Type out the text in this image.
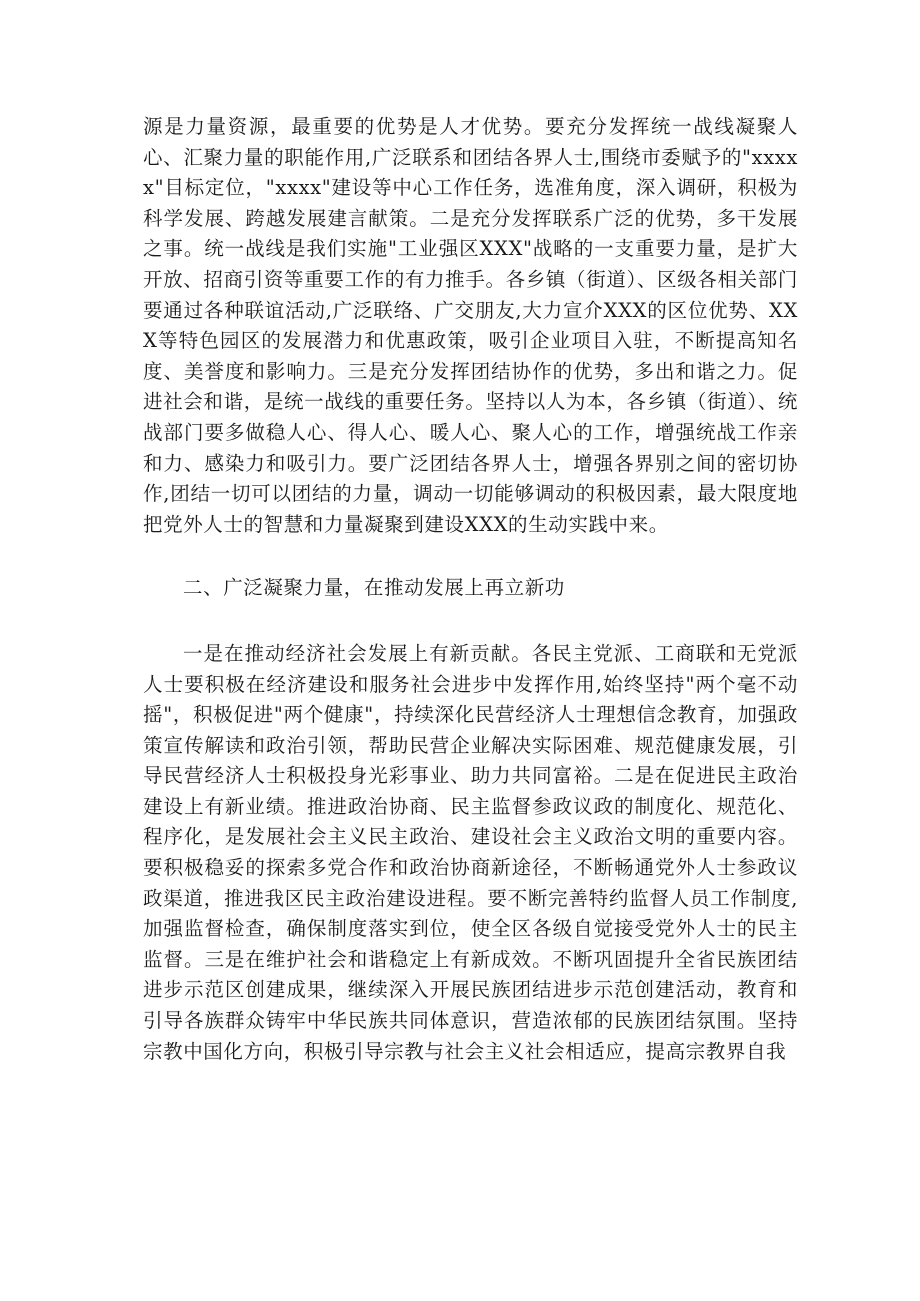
源是力量资源，最重要的优势是人才优势。要充分发挥统一战线凝聚人心、汇聚力量的职能作用,广泛联系和团结各界人士,围绕市委赋予的"xxxxx"目标定位，"xxxx"建设等中心工作任务，选准角度，深入调研，积极为科学发展、跨越发展建言献策。二是充分发挥联系广泛的优势，多干发展之事。统一战线是我们实施"工业强区XXX"战略的一支重要力量，是扩大开放、招商引资等重要工作的有力推手。各乡镇（街道）、区级各相关部门要通过各种联谊活动,广泛联络、广交朋友,大力宣介XXX的区位优势、XXX等特色园区的发展潜力和优惠政策，吸引企业项目入驻，不断提高知名度、美誉度和影响力。三是充分发挥团结协作的优势，多出和谐之力。促进社会和谐，是统一战线的重要任务。坚持以人为本，各乡镇（街道）、统战部门要多做稳人心、得人心、暖人心、聚人心的工作，增强统战工作亲和力、感染力和吸引力。要广泛团结各界人士，增强各界别之间的密切协作,团结一切可以团结的力量，调动一切能够调动的积极因素，最大限度地把党外人士的智慧和力量凝聚到建设XXX的生动实践中来。

二、广泛凝聚力量，在推动发展上再立新功

一是在推动经济社会发展上有新贡献。各民主党派、工商联和无党派人士要积极在经济建设和服务社会进步中发挥作用,始终坚持"两个毫不动摇"，积极促进"两个健康"，持续深化民营经济人士理想信念教育，加强政策宣传解读和政治引领，帮助民营企业解决实际困难、规范健康发展，引导民营经济人士积极投身光彩事业、助力共同富裕。二是在促进民主政治建设上有新业绩。推进政治协商、民主监督参政议政的制度化、规范化、程序化，是发展社会主义民主政治、建设社会主义政治文明的重要内容。要积极稳妥的探索多党合作和政治协商新途径，不断畅通党外人士参政议政渠道，推进我区民主政治建设进程。要不断完善特约监督人员工作制度,加强监督检查，确保制度落实到位，使全区各级自觉接受党外人士的民主监督。三是在维护社会和谐稳定上有新成效。不断巩固提升全省民族团结进步示范区创建成果，继续深入开展民族团结进步示范创建活动，教育和引导各族群众铸牢中华民族共同体意识，营造浓郁的民族团结氛围。坚持宗教中国化方向，积极引导宗教与社会主义社会相适应，提高宗教界自我
